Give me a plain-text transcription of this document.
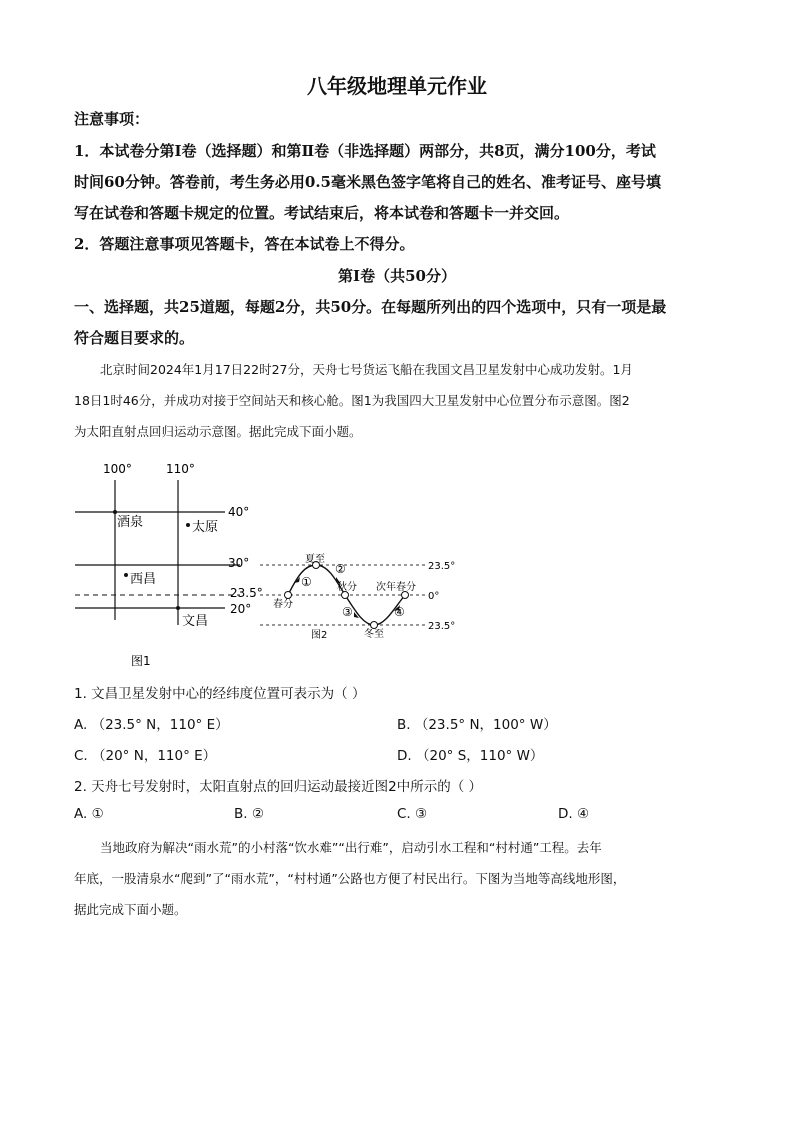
八年级地理单元作业
注意事项：
1．本试卷分第Ⅰ卷（选择题）和第Ⅱ卷（非选择题）两部分，共8页，满分100分，考试
时间60分钟。答卷前，考生务必用0.5毫米黑色签字笔将自己的姓名、准考证号、座号填
写在试卷和答题卡规定的位置。考试结束后，将本试卷和答题卡一并交回。
2．答题注意事项见答题卡，答在本试卷上不得分。
第Ⅰ卷（共50分）
一、选择题，共25道题，每题2分，共50分。在每题所列出的四个选项中，只有一项是最
符合题目要求的。
北京时间2024年1月17日22时27分，天舟七号货运飞船在我国文昌卫星发射中心成功发射。1月
18日1时46分，并成功对接于空间站天和核心舱。图1为我国四大卫星发射中心位置分布示意图。图2
为太阳直射点回归运动示意图。据此完成下面小题。
100°	110°
40°
30°
23.5°
20°
酒泉	太原
西昌
文昌
图1
夏至
春分
秋分
冬至
次年春分
23.5°
0°
23.5°
①
②
③	④
图2
1. 文昌卫星发射中心的经纬度位置可表示为（ ）
A. （23.5° N，110° E）	B. （23.5° N，100° W）
C. （20° N，110° E）	D. （20° S，110° W）
2. 天舟七号发射时，太阳直射点的回归运动最接近图2中所示的（ ）
A. ①	B. ②	C. ③	D. ④
当地政府为解决“雨水荒”的小村落“饮水难”“出行难”，启动引水工程和“村村通”工程。去年
年底，一股清泉水“爬到”了“雨水荒”，“村村通”公路也方便了村民出行。下图为当地等高线地形图，
据此完成下面小题。
